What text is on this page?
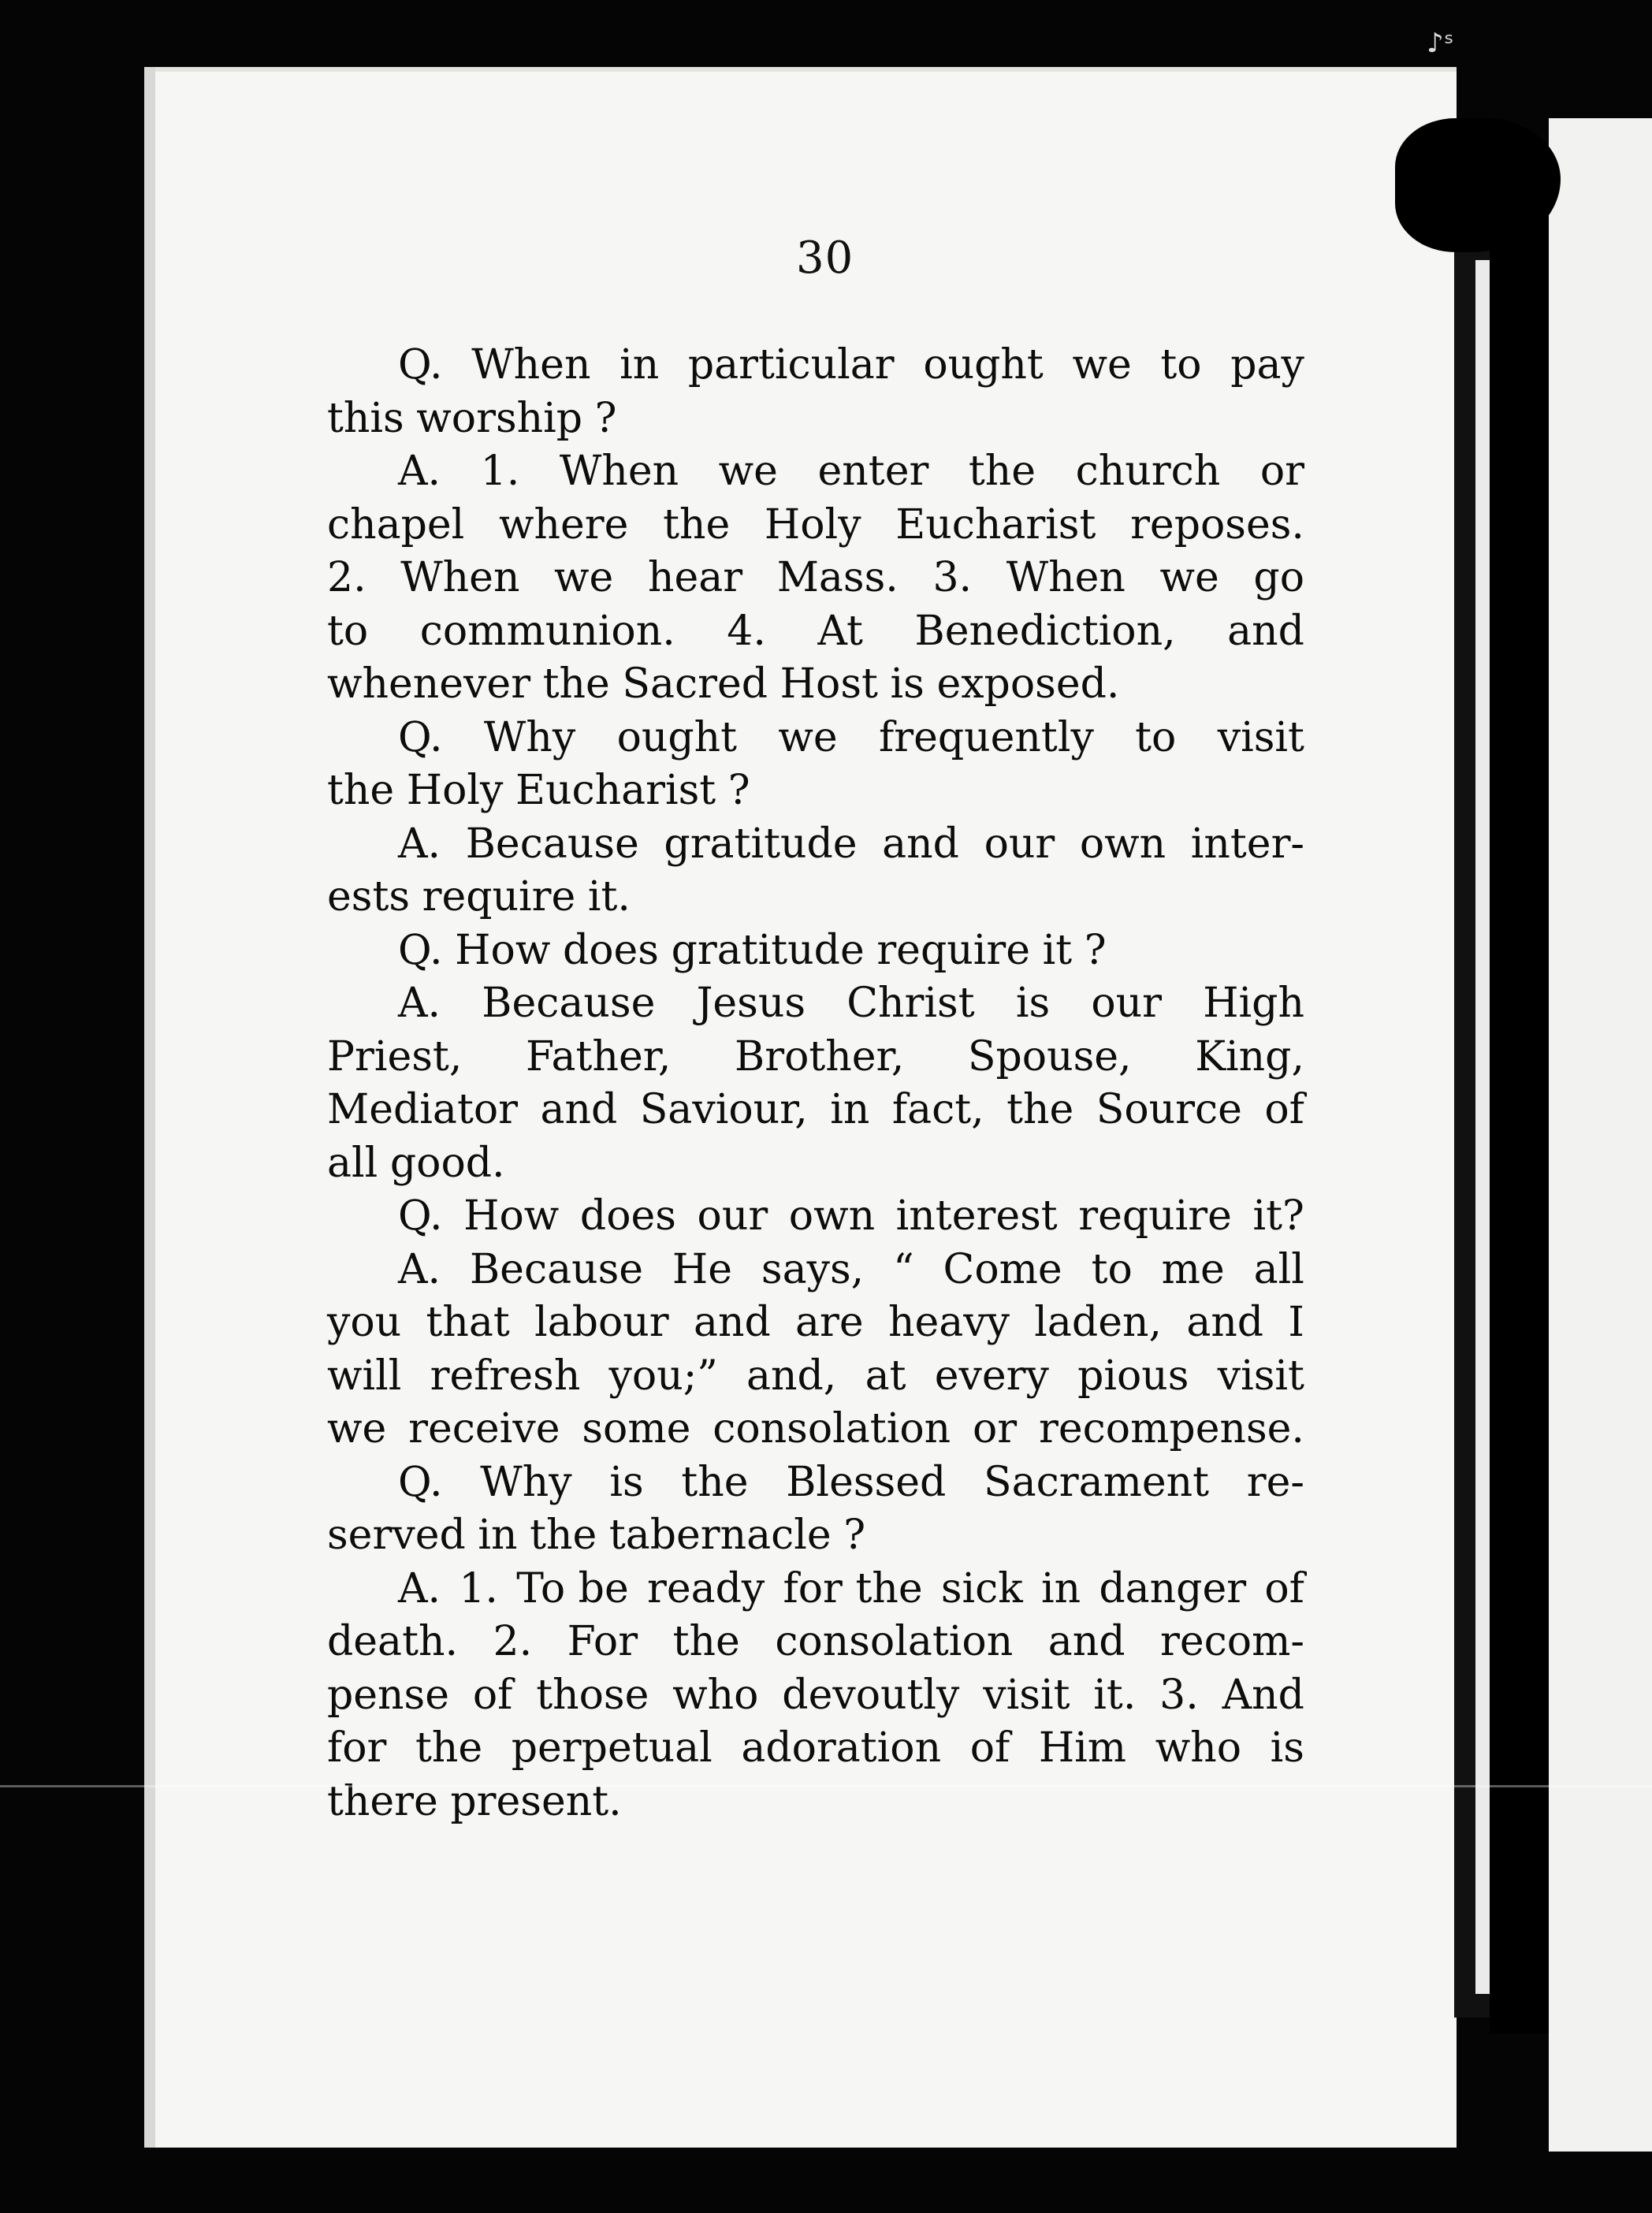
♪ˢ
30
Q. When in particular ought we to pay
this worship ?
A. 1. When we enter the church or
chapel where the Holy Eucharist reposes.
2. When we hear Mass. 3. When we go
to communion. 4. At Benediction, and
whenever the Sacred Host is exposed.
Q. Why ought we frequently to visit
the Holy Eucharist ?
A. Because gratitude and our own inter-
ests require it.
Q. How does gratitude require it ?
A. Because Jesus Christ is our High
Priest, Father, Brother, Spouse, King,
Mediator and Saviour, in fact, the Source of
all good.
Q. How does our own interest require it?
A. Because He says, “ Come to me all
you that labour and are heavy laden, and I
will refresh you;” and, at every pious visit
we receive some consolation or recompense.
Q. Why is the Blessed Sacrament re-
served in the tabernacle ?
A. 1. To be ready for the sick in danger of
death. 2. For the consolation and recom-
pense of those who devoutly visit it. 3. And
for the perpetual adoration of Him who is
there present.
